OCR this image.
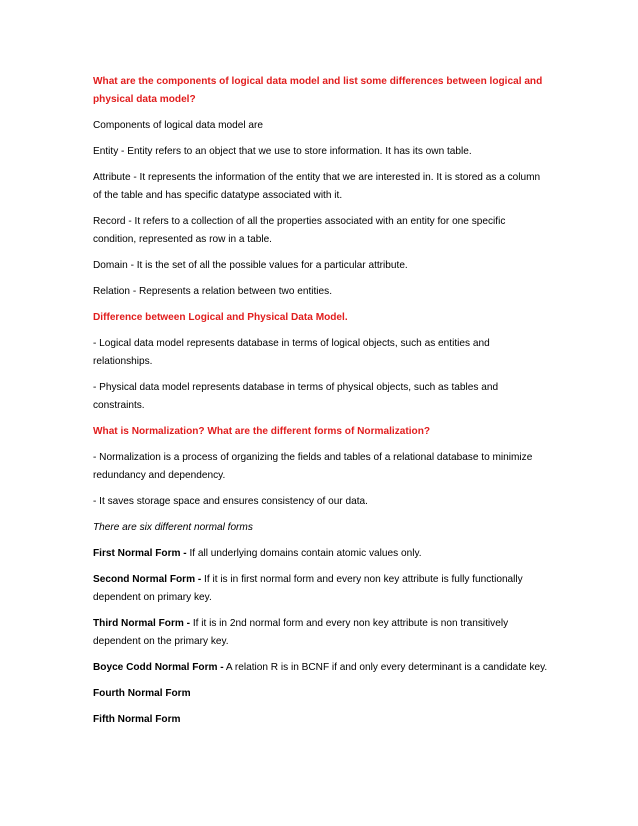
What are the components of logical data model and list some differences between logical and physical data model?

Components of logical data model are

Entity - Entity refers to an object that we use to store information. It has its own table.

Attribute - It represents the information of the entity that we are interested in. It is stored as a column of the table and has specific datatype associated with it.

Record - It refers to a collection of all the properties associated with an entity for one specific condition, represented as row in a table.

Domain - It is the set of all the possible values for a particular attribute.

Relation - Represents a relation between two entities.

Difference between Logical and Physical Data Model.

- Logical data model represents database in terms of logical objects, such as entities and relationships.

- Physical data model represents database in terms of physical objects, such as tables and constraints.

What is Normalization? What are the different forms of Normalization?

- Normalization is a process of organizing the fields and tables of a relational database to minimize redundancy and dependency.

- It saves storage space and ensures consistency of our data.

There are six different normal forms

First Normal Form - If all underlying domains contain atomic values only.

Second Normal Form - If it is in first normal form and every non key attribute is fully functionally dependent on primary key.

Third Normal Form - If it is in 2nd normal form and every non key attribute is non transitively dependent on the primary key.

Boyce Codd Normal Form - A relation R is in BCNF if and only every determinant is a candidate key.

Fourth Normal Form

Fifth Normal Form
